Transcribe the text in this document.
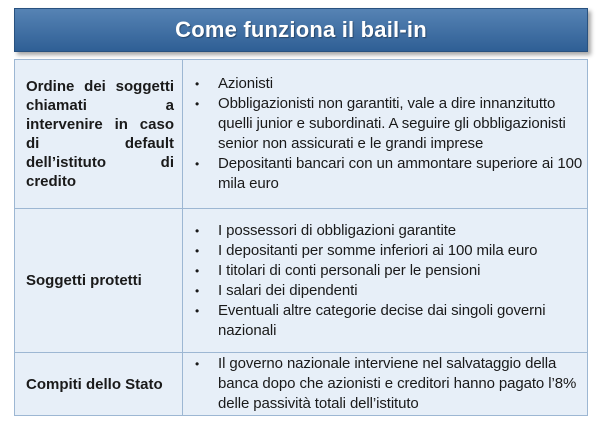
Come funziona il bail-in
Ordine dei soggetti chiamati a intervenire in caso di default dell’istituto di credito
• Azionisti
• Obbligazionisti non garantiti, vale a dire innanzitutto quelli junior e subordinati. A seguire gli obbligazionisti senior non assicurati e le grandi imprese
• Depositanti bancari con un ammontare superiore ai 100 mila euro
Soggetti protetti
• I possessori di obbligazioni garantite
• I depositanti per somme inferiori ai 100 mila euro
• I titolari di conti personali per le pensioni
• I salari dei dipendenti
• Eventuali altre categorie decise dai singoli governi nazionali
Compiti dello Stato
• Il governo nazionale interviene nel salvataggio della banca dopo che azionisti e creditori hanno pagato l’8% delle passività totali dell’istituto
